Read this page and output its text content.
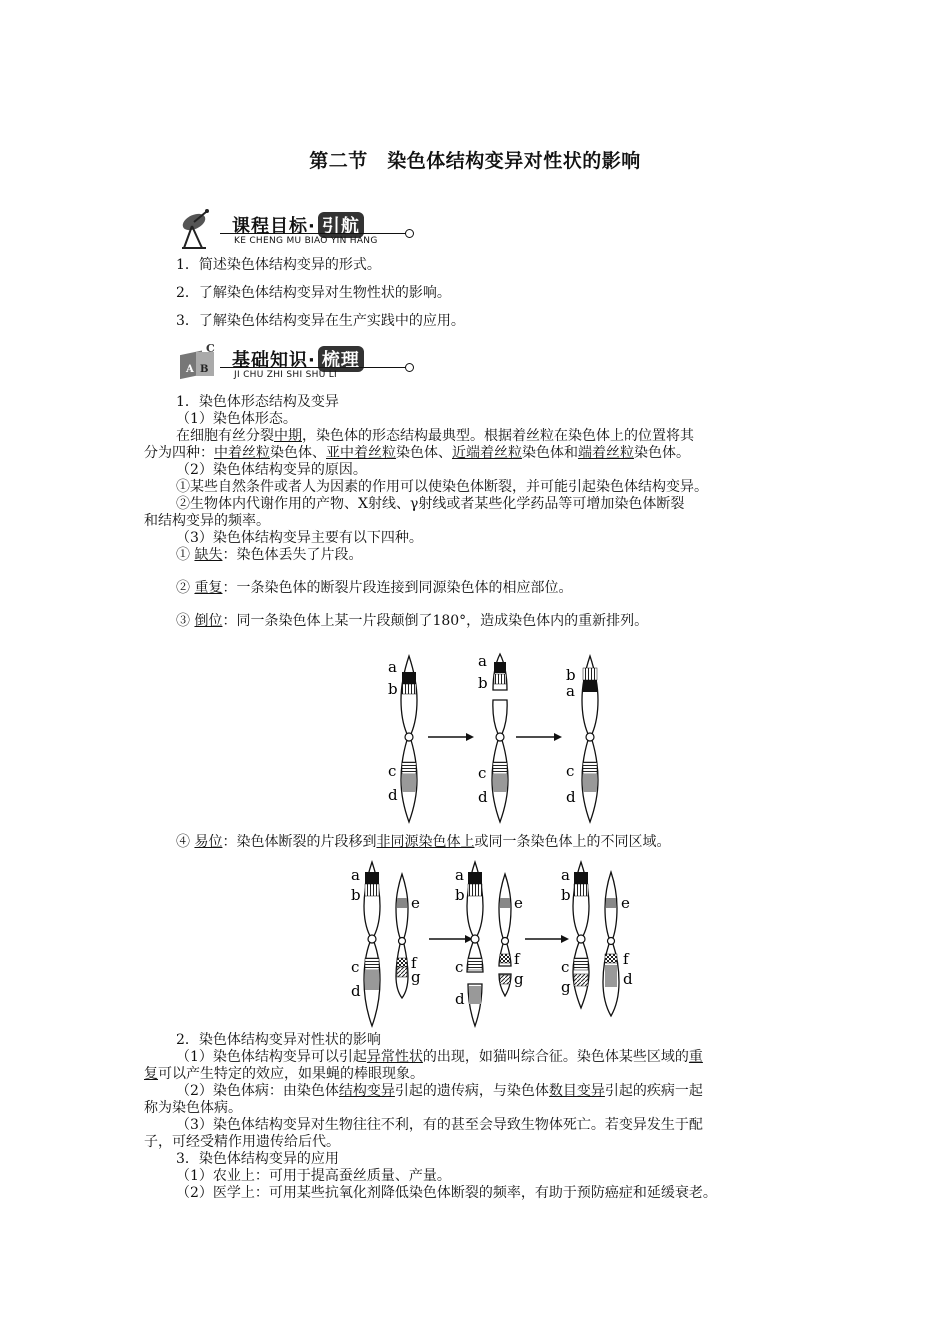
第二节　染色体结构变异对性状的影响
课程目标· 引航
KE CHENG MU BIAO YIN HANG
1．简述染色体结构变异的形式。
2．了解染色体结构变异对生物性状的影响。
3．了解染色体结构变异在生产实践中的应用。
C
A B 基础知识· 梳理
JI CHU ZHI SHI SHU LI
1．染色体形态结构及变异
（1）染色体形态。
在细胞有丝分裂中期，染色体的形态结构最典型。根据着丝粒在染色体上的位置将其
分为四种：中着丝粒染色体、亚中着丝粒染色体、近端着丝粒染色体和端着丝粒染色体。
（2）染色体结构变异的原因。
①某些自然条件或者人为因素的作用可以使染色体断裂，并可能引起染色体结构变异。
②生物体内代谢作用的产物、X射线、γ射线或者某些化学药品等可增加染色体断裂
和结构变异的频率。
（3）染色体结构变异主要有以下四种。
① 缺失：染色体丢失了片段。
② 重复：一条染色体的断裂片段连接到同源染色体的相应部位。
③ 倒位：同一条染色体上某一片段颠倒了180°，造成染色体内的重新排列。
a
b
c
d
a
b
c
d
b
a
c
d
④ 易位：染色体断裂的片段移到非同源染色体上或同一条染色体上的不同区域。
a
b
c
d
e
f
g
a
b
c
d
e
f
g
a
b
c
g
e
f
d
2．染色体结构变异对性状的影响
（1）染色体结构变异可以引起异常性状的出现，如猫叫综合征。染色体某些区域的重
复可以产生特定的效应，如果蝇的棒眼现象。
（2）染色体病：由染色体结构变异引起的遗传病，与染色体数目变异引起的疾病一起
称为染色体病。
（3）染色体结构变异对生物往往不利，有的甚至会导致生物体死亡。若变异发生于配
子，可经受精作用遗传给后代。
3．染色体结构变异的应用
（1）农业上：可用于提高蚕丝质量、产量。
（2）医学上：可用某些抗氧化剂降低染色体断裂的频率，有助于预防癌症和延缓衰老。
